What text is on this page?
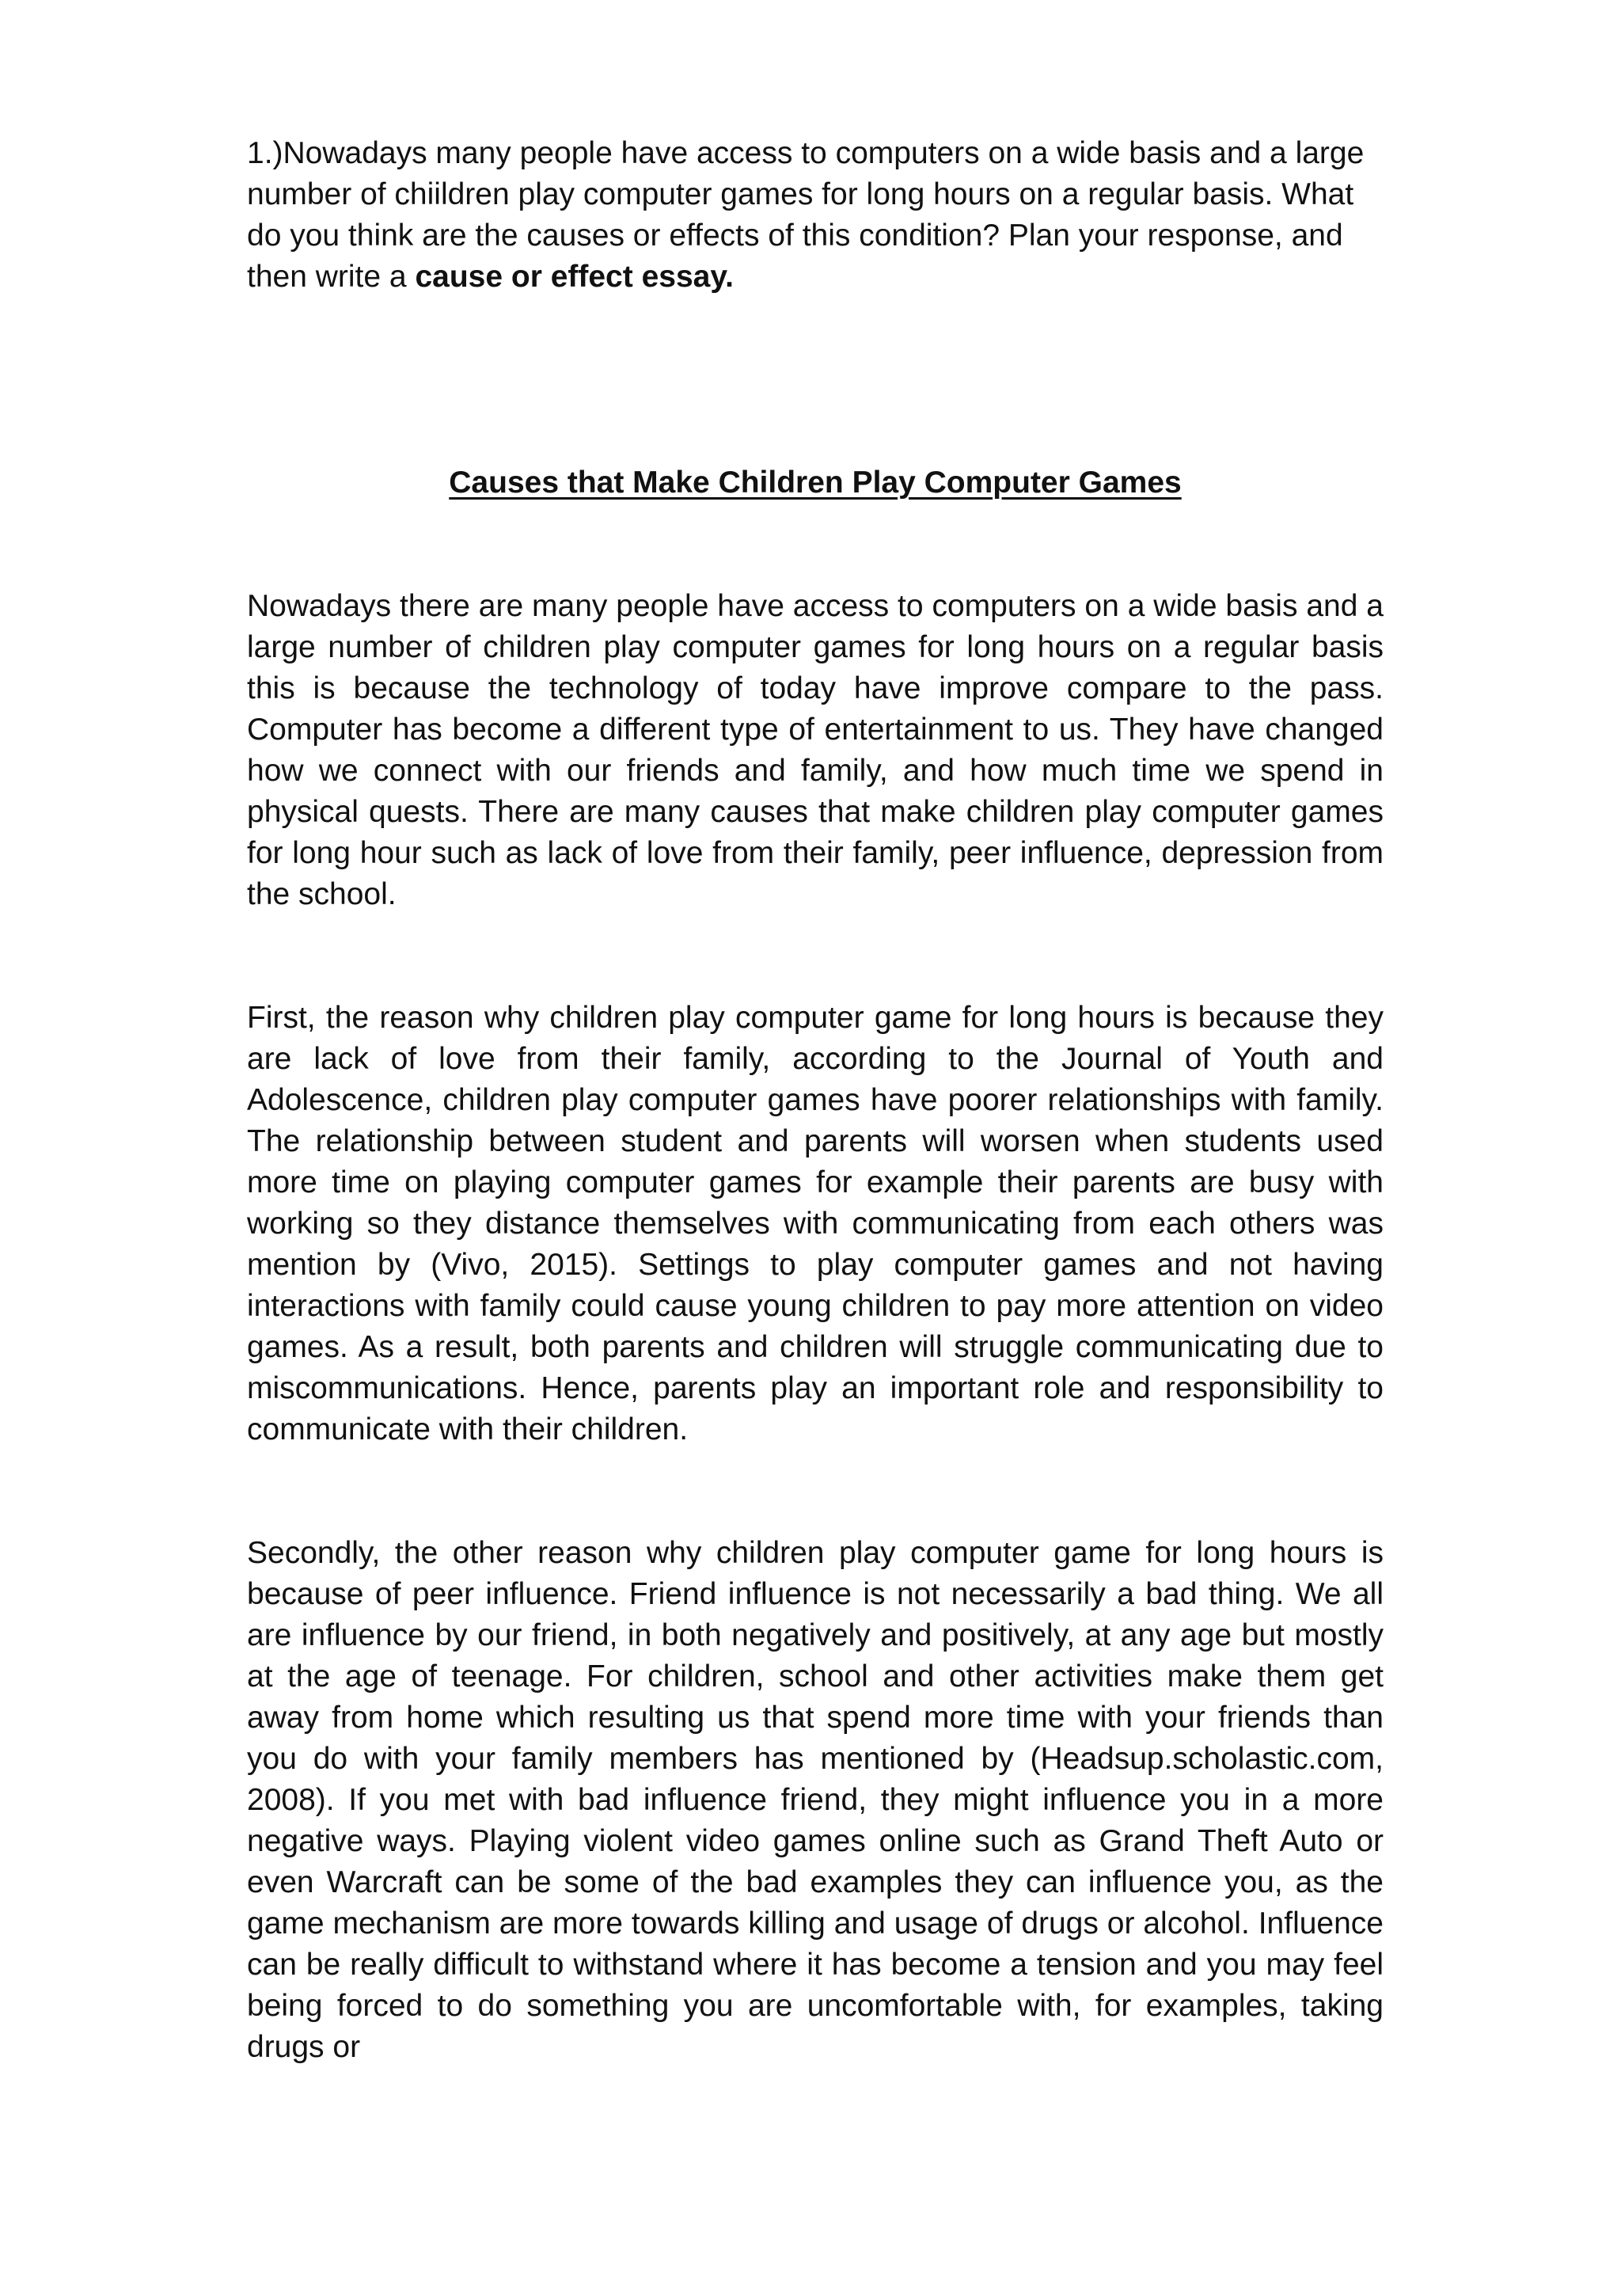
1.)Nowadays many people have access to computers on a wide basis and a large number of chiildren play computer games for long hours on a regular basis. What do you think are the causes or effects of this condition? Plan your response, and then write a cause or effect essay.

Causes that Make Children Play Computer Games

Nowadays there are many people have access to computers on a wide basis and a large number of children play computer games for long hours on a regular basis this is because the technology of today have improve compare to the pass. Computer has become a different type of entertainment to us. They have changed how we connect with our friends and family, and how much time we spend in physical quests. There are many causes that make children play computer games for long hour such as lack of love from their family, peer influence, depression from the school.

First, the reason why children play computer game for long hours is because they are lack of love from their family, according to the Journal of Youth and Adolescence, children play computer games have poorer relationships with family. The relationship between student and parents will worsen when students used more time on playing computer games for example their parents are busy with working so they distance themselves with communicating from each others was mention by (Vivo, 2015). Settings to play computer games and not having interactions with family could cause young children to pay more attention on video games. As a result, both parents and children will struggle communicating due to miscommunications. Hence, parents play an important role and responsibility to communicate with their children.

Secondly, the other reason why children play computer game for long hours is because of peer influence. Friend influence is not necessarily a bad thing. We all are influence by our friend, in both negatively and positively, at any age but mostly at the age of teenage. For children, school and other activities make them get away from home which resulting us that spend more time with your friends than you do with your family members has mentioned by (Headsup.scholastic.com, 2008). If you met with bad influence friend, they might influence you in a more negative ways. Playing violent video games online such as Grand Theft Auto or even Warcraft can be some of the bad examples they can influence you, as the game mechanism are more towards killing and usage of drugs or alcohol. Influence can be really difficult to withstand where it has become a tension and you may feel being forced to do something you are uncomfortable with, for examples, taking drugs or
